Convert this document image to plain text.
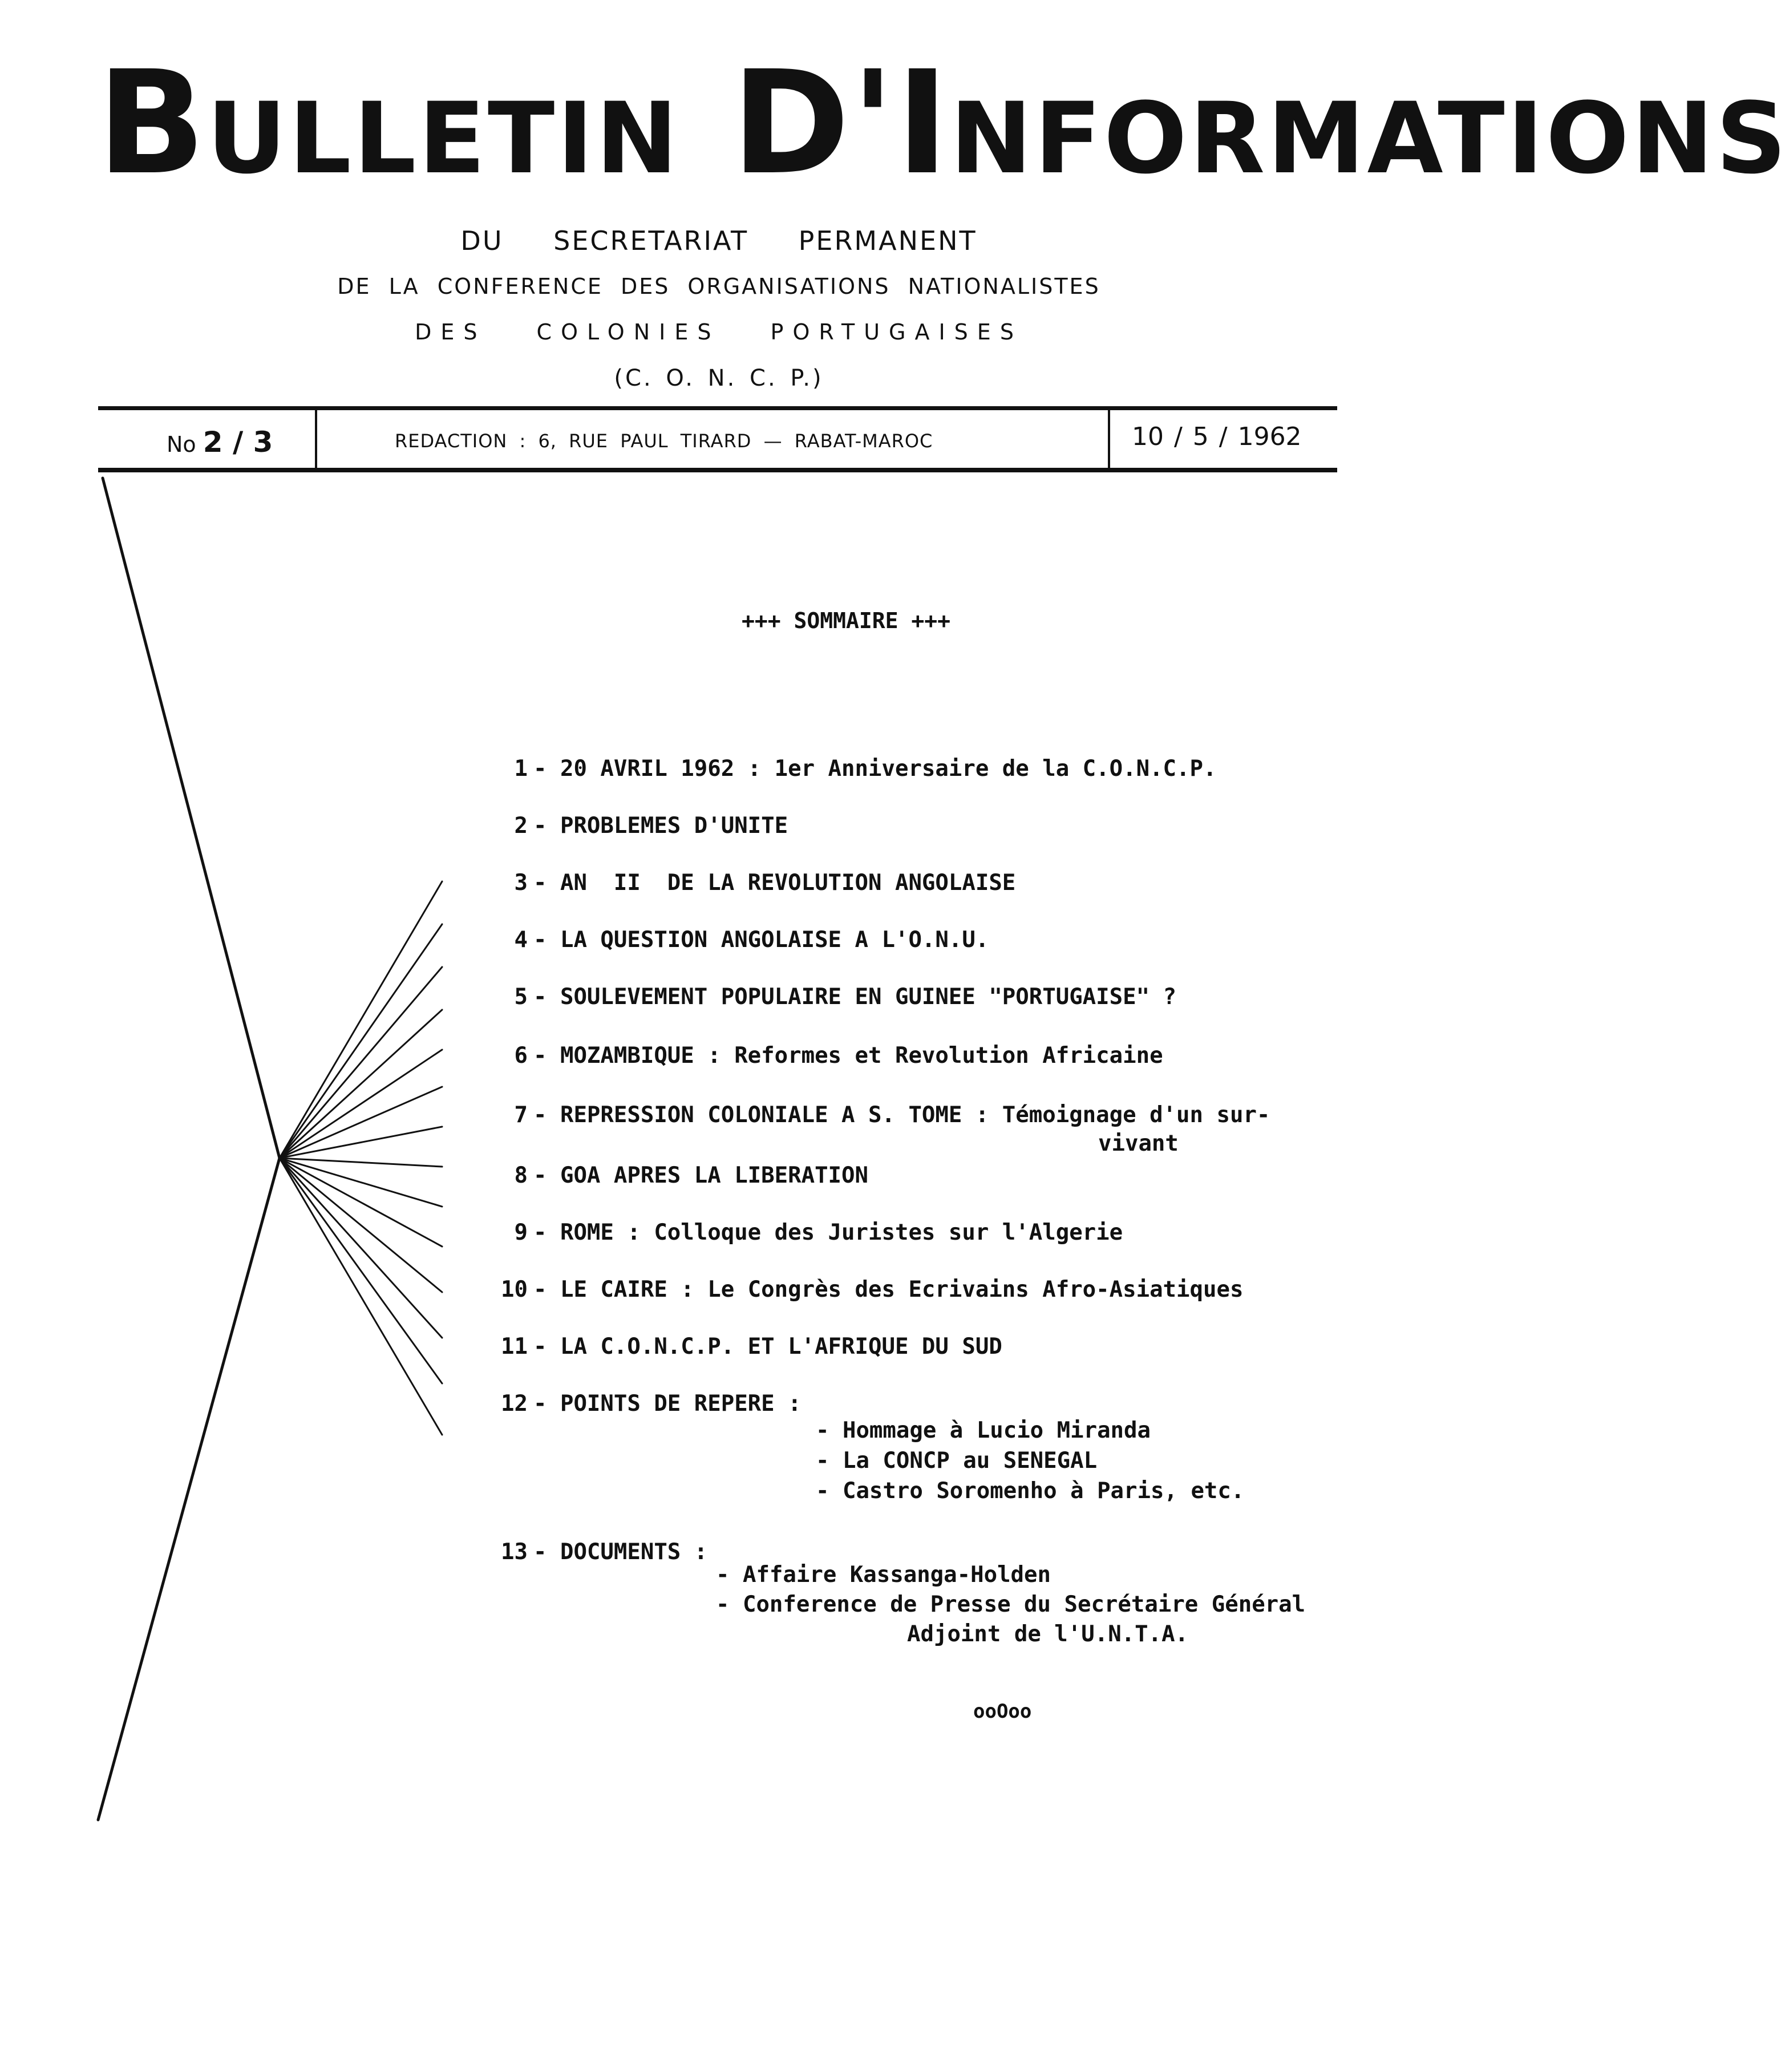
BULLETIN D'INFORMATIONS
DU SECRETARIAT PERMANENT
DE LA CONFERENCE DES ORGANISATIONS NATIONALISTES
DES COLONIES PORTUGAISES
(C. O. N. C. P.)
No 2 / 3	REDACTION : 6, RUE PAUL TIRARD — RABAT-MAROC	10 / 5 / 1962
+++ SOMMAIRE +++
1 - 20 AVRIL 1962 : 1er Anniversaire de la C.O.N.C.P.
2 - PROBLEMES D'UNITE
3 - AN  II  DE LA REVOLUTION ANGOLAISE
4 - LA QUESTION ANGOLAISE A L'O.N.U.
5 - SOULEVEMENT POPULAIRE EN GUINEE "PORTUGAISE" ?
6 - MOZAMBIQUE : Reformes et Revolution Africaine
7 - REPRESSION COLONIALE A S. TOME : Témoignage d'un sur-
vivant
8 - GOA APRES LA LIBERATION
9 - ROME : Colloque des Juristes sur l'Algerie
10 - LE CAIRE : Le Congrès des Ecrivains Afro-Asiatiques
11 - LA C.O.N.C.P. ET L'AFRIQUE DU SUD
12 - POINTS DE REPERE :
- Hommage à Lucio Miranda
- La CONCP au SENEGAL
- Castro Soromenho à Paris, etc.
13 - DOCUMENTS :
- Affaire Kassanga-Holden
- Conference de Presse du Secrétaire Général
Adjoint de l'U.N.T.A.
ooOoo
